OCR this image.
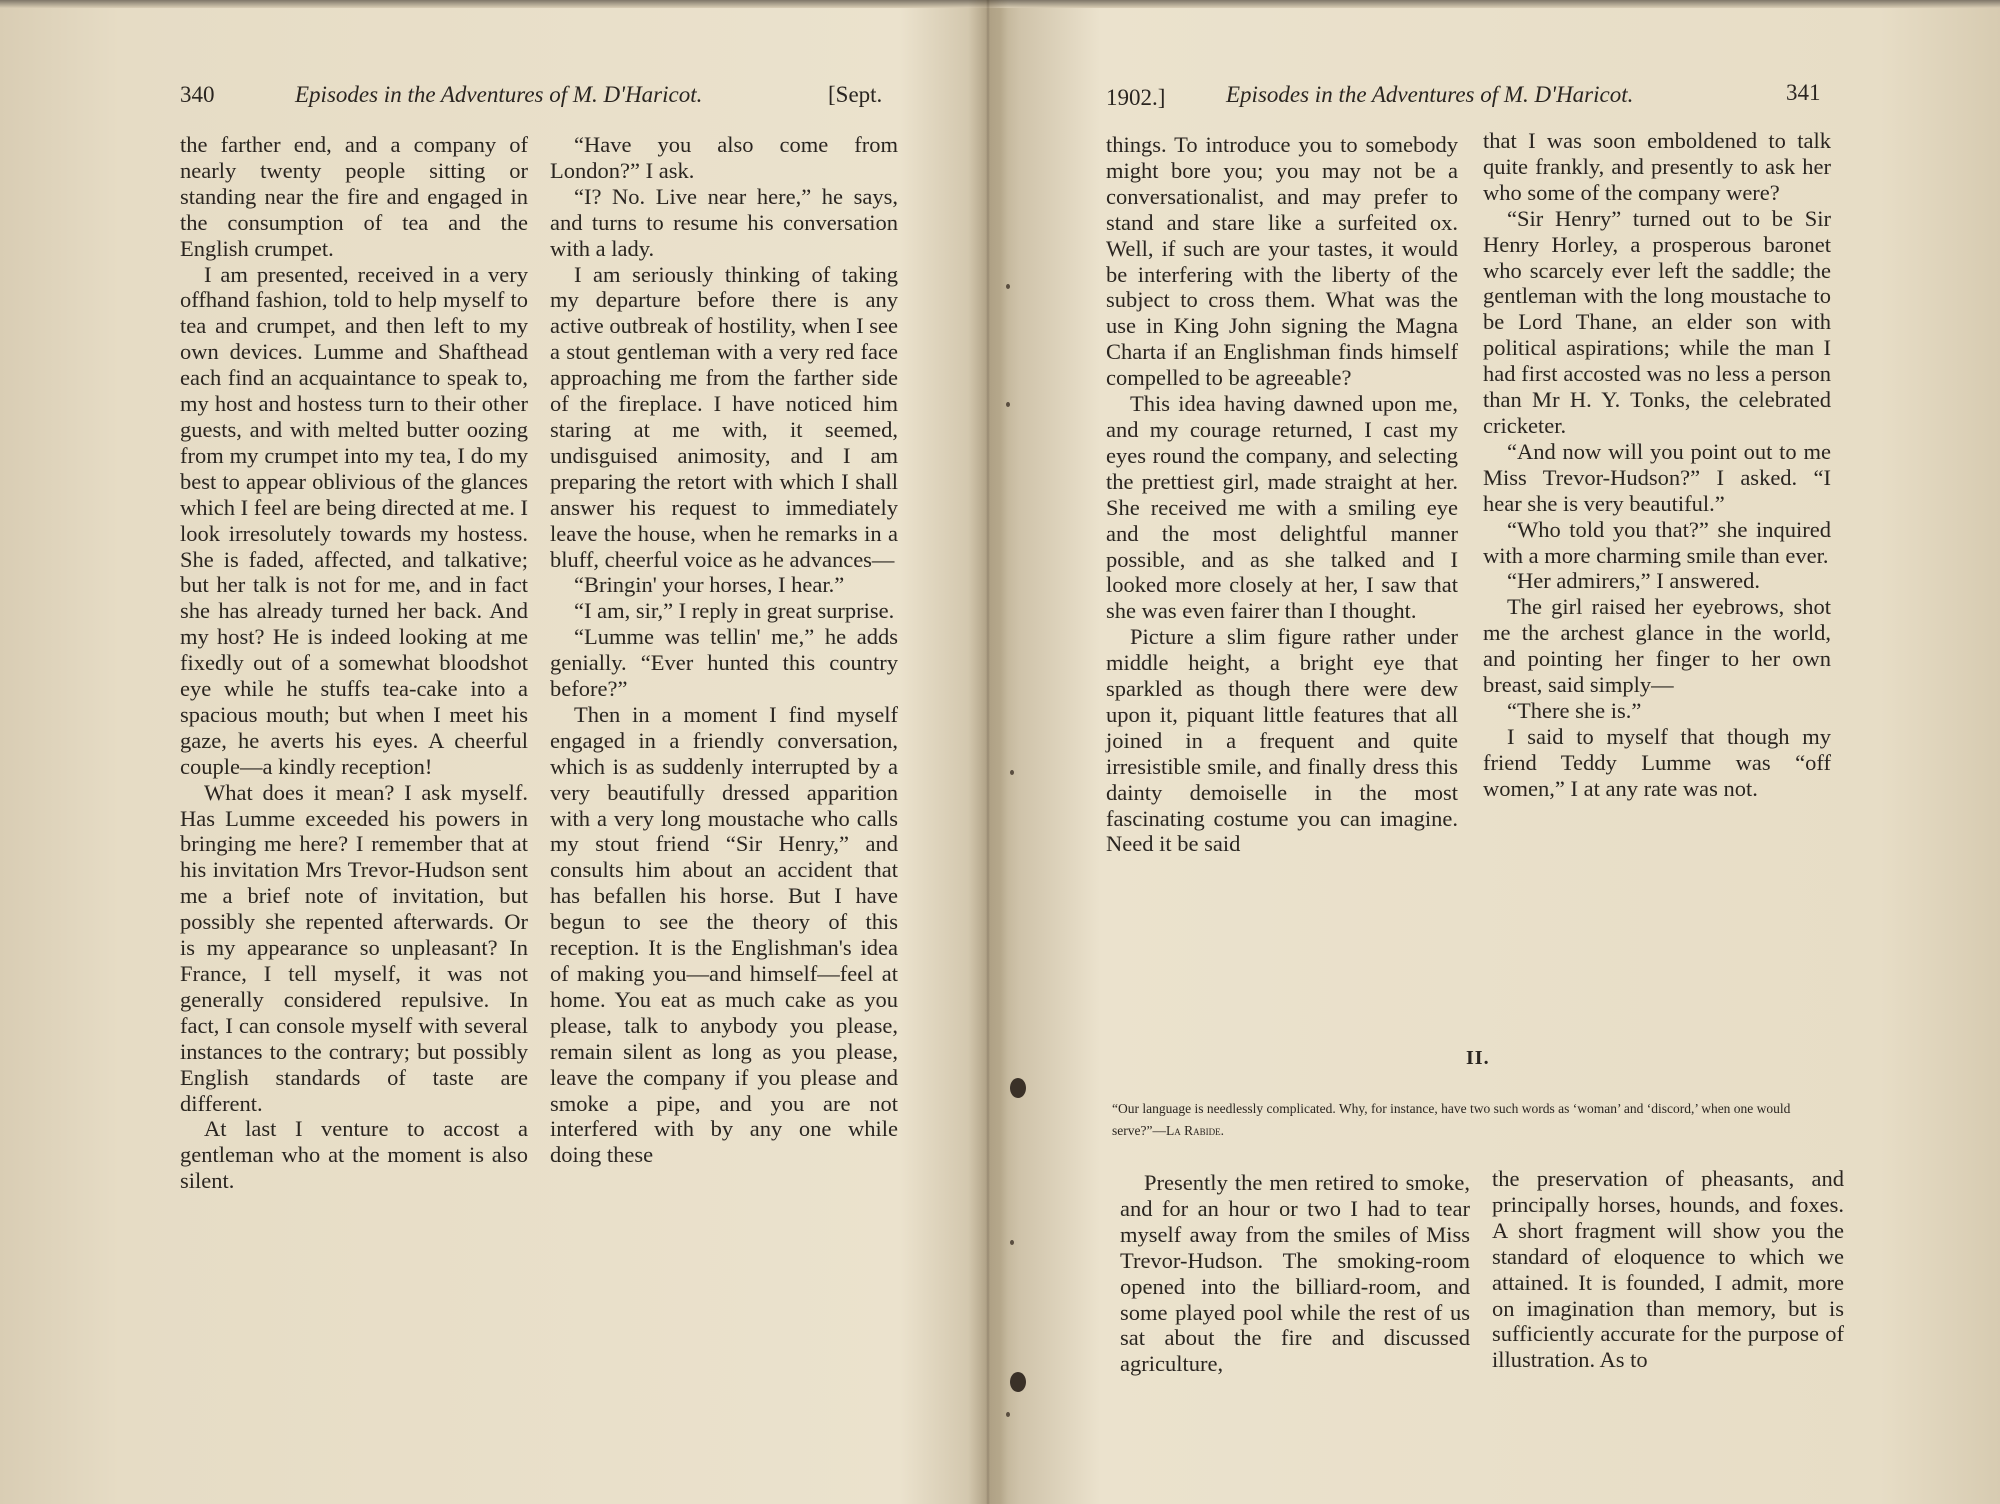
340	Episodes in the Adventures of M. D'Haricot.	[Sept.

the farther end, and a company of nearly twenty people sitting or standing near the fire and engaged in the consumption of tea and the English crumpet.

I am presented, received in a very offhand fashion, told to help myself to tea and crumpet, and then left to my own devices. Lumme and Shafthead each find an acquaintance to speak to, my host and hostess turn to their other guests, and with melted butter oozing from my crumpet into my tea, I do my best to appear oblivious of the glances which I feel are being directed at me. I look irresolutely towards my hostess. She is faded, affected, and talkative; but her talk is not for me, and in fact she has already turned her back. And my host? He is indeed looking at me fixedly out of a somewhat bloodshot eye while he stuffs tea-cake into a spacious mouth; but when I meet his gaze, he averts his eyes. A cheerful couple—a kindly reception!

What does it mean? I ask myself. Has Lumme exceeded his powers in bringing me here? I remember that at his invitation Mrs Trevor-Hudson sent me a brief note of invitation, but possibly she repented afterwards. Or is my appearance so unpleasant? In France, I tell myself, it was not generally considered repulsive. In fact, I can console myself with several instances to the contrary; but possibly English standards of taste are different.

At last I venture to accost a gentleman who at the moment is also silent.

“Have you also come from London?” I ask.

“I? No. Live near here,” he says, and turns to resume his conversation with a lady.

I am seriously thinking of taking my departure before there is any active outbreak of hostility, when I see a stout gentleman with a very red face approaching me from the farther side of the fireplace. I have noticed him staring at me with, it seemed, undisguised animosity, and I am preparing the retort with which I shall answer his request to immediately leave the house, when he remarks in a bluff, cheerful voice as he advances—

“Bringin' your horses, I hear.”

“I am, sir,” I reply in great surprise.

“Lumme was tellin' me,” he adds genially. “Ever hunted this country before?”

Then in a moment I find myself engaged in a friendly conversation, which is as suddenly interrupted by a very beautifully dressed apparition with a very long moustache who calls my stout friend “Sir Henry,” and consults him about an accident that has befallen his horse. But I have begun to see the theory of this reception. It is the Englishman's idea of making you—and himself—feel at home. You eat as much cake as you please, talk to anybody you please, remain silent as long as you please, leave the company if you please and smoke a pipe, and you are not interfered with by any one while doing these

1902.]	Episodes in the Adventures of M. D'Haricot.	341

things. To introduce you to somebody might bore you; you may not be a conversationalist, and may prefer to stand and stare like a surfeited ox. Well, if such are your tastes, it would be interfering with the liberty of the subject to cross them. What was the use in King John signing the Magna Charta if an Englishman finds himself compelled to be agreeable?

This idea having dawned upon me, and my courage returned, I cast my eyes round the company, and selecting the prettiest girl, made straight at her. She received me with a smiling eye and the most delightful manner possible, and as she talked and I looked more closely at her, I saw that she was even fairer than I thought.

Picture a slim figure rather under middle height, a bright eye that sparkled as though there were dew upon it, piquant little features that all joined in a frequent and quite irresistible smile, and finally dress this dainty demoiselle in the most fascinating costume you can imagine. Need it be said

that I was soon emboldened to talk quite frankly, and presently to ask her who some of the company were?

“Sir Henry” turned out to be Sir Henry Horley, a prosperous baronet who scarcely ever left the saddle; the gentleman with the long moustache to be Lord Thane, an elder son with political aspirations; while the man I had first accosted was no less a person than Mr H. Y. Tonks, the celebrated cricketer.

“And now will you point out to me Miss Trevor-Hudson?” I asked. “I hear she is very beautiful.”

“Who told you that?” she inquired with a more charming smile than ever.

“Her admirers,” I answered.

The girl raised her eyebrows, shot me the archest glance in the world, and pointing her finger to her own breast, said simply—

“There she is.”

I said to myself that though my friend Teddy Lumme was “off women,” I at any rate was not.

II.
“Our language is needlessly complicated. Why, for instance, have two such words as ‘woman’ and ‘discord,’ when one would serve?”—La Rabide.

Presently the men retired to smoke, and for an hour or two I had to tear myself away from the smiles of Miss Trevor-Hudson. The smoking-room opened into the billiard-room, and some played pool while the rest of us sat about the fire and discussed agriculture,

the preservation of pheasants, and principally horses, hounds, and foxes. A short fragment will show you the standard of eloquence to which we attained. It is founded, I admit, more on imagination than memory, but is sufficiently accurate for the purpose of illustration. As to
